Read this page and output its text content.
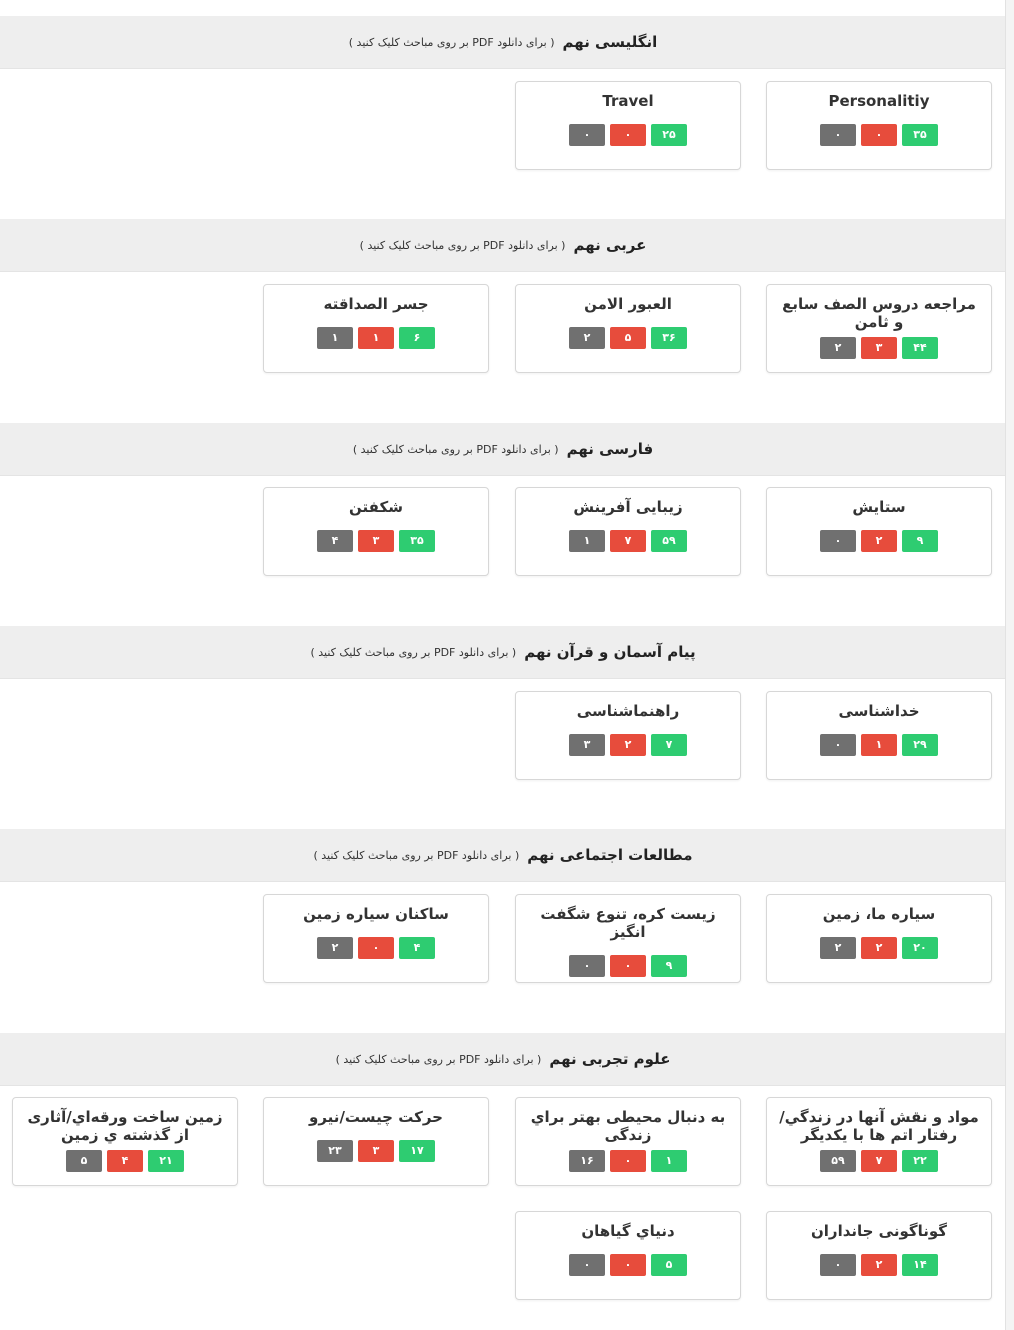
انگلیسی نهم
( برای دانلود PDF بر روی مباحث کلیک کنید )
Personalitiy
۳۵
۰
۰
Travel
۲۵
۰
۰
عربی نهم
( برای دانلود PDF بر روی مباحث کلیک کنید )
مراجعه دروس الصف سابع و ثامن
۴۴
۳
۲
العبور الامن
۳۶
۵
۲
جسر الصداقته
۶
۱
۱
فارسی نهم
( برای دانلود PDF بر روی مباحث کلیک کنید )
ستایش
۹
۲
۰
زیبایی آفرینش
۵۹
۷
۱
شکفتن
۳۵
۳
۴
پیام آسمان و قرآن نهم
( برای دانلود PDF بر روی مباحث کلیک کنید )
خداشناسی
۲۹
۱
۰
راهنماشناسی
۷
۲
۳
مطالعات اجتماعی نهم
( برای دانلود PDF بر روی مباحث کلیک کنید )
سیاره ما، زمین
۲۰
۲
۲
زیست کره، تنوع شگفت انگیز
۹
۰
۰
ساکنان سیاره زمین
۴
۰
۲
علوم تجربی نهم
( برای دانلود PDF بر روی مباحث کلیک کنید )
مواد و نقش آنها در زندگي/ رفتار اتم ها با يكديگر
۲۲
۷
۵۹
به دنبال محیطی بهتر براي زندگی
۱
۰
۱۶
حرکت چیست/نیرو
۱۷
۳
۲۳
زمین ساخت ورقه‌اي/آثاری از گذشته ي زمین
۲۱
۴
۵
گوناگونی جانداران
۱۴
۲
۰
دنیاي گیاهان
۵
۰
۰
